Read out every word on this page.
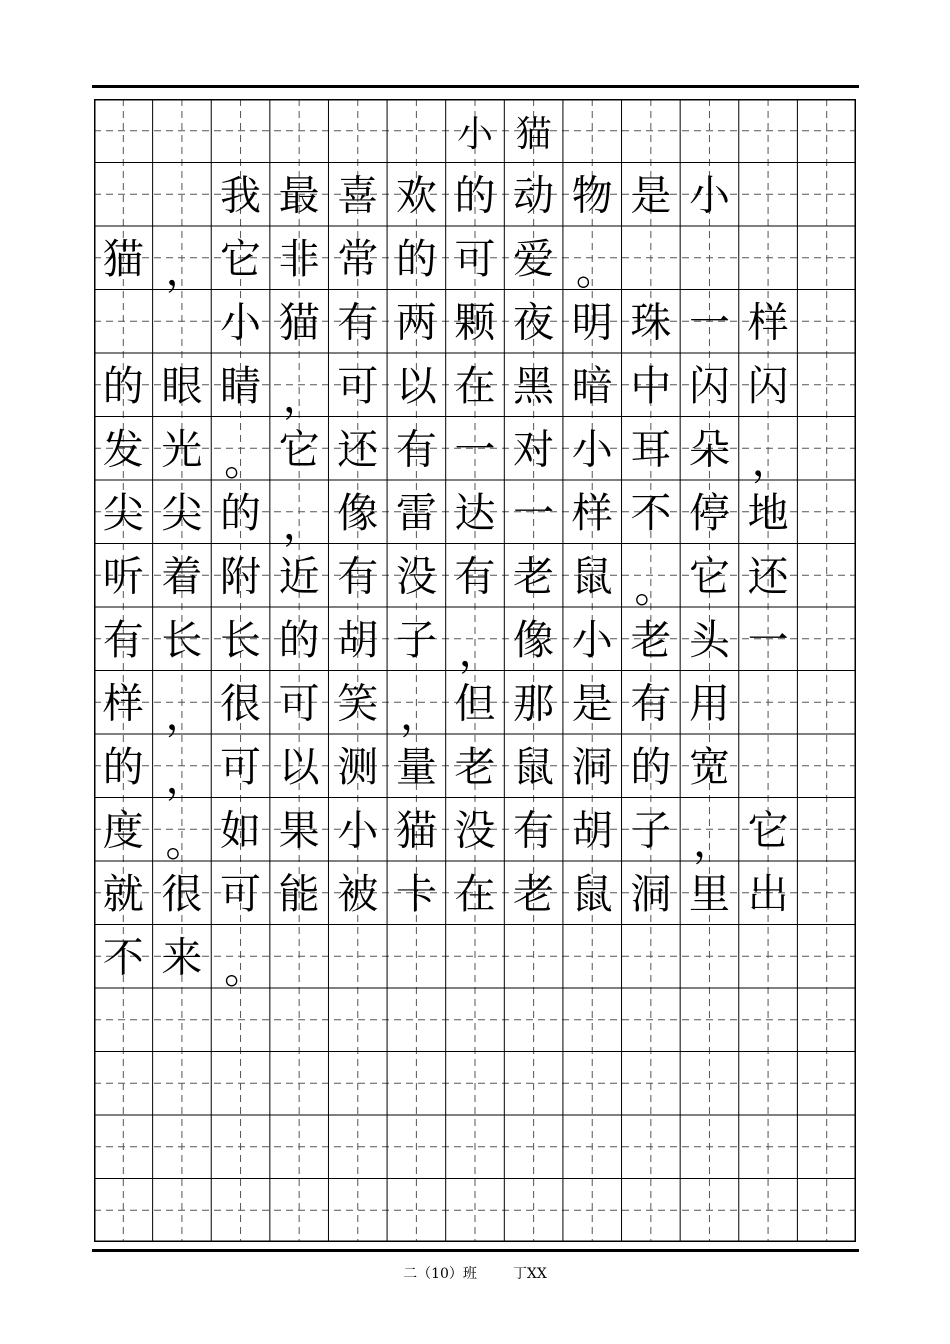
小 猫
我 最 喜 欢 的 动 物 是 小
猫 ， 它 非 常 的 可 爱 。
小 猫 有 两 颗 夜 明 珠 一 样
的 眼 睛 ， 可 以 在 黑 暗 中 闪 闪
发 光 。 它 还 有 一 对 小 耳 朵 ，
尖 尖 的 ， 像 雷 达 一 样 不 停 地
听 着 附 近 有 没 有 老 鼠 。 它 还
有 长 长 的 胡 子 ， 像 小 老 头 一
样 ， 很 可 笑 ， 但 那 是 有 用
的 ， 可 以 测 量 老 鼠 洞 的 宽
度 。 如 果 小 猫 没 有 胡 子 ， 它
就 很 可 能 被 卡 在 老 鼠 洞 里 出
不 来 。
二（10）班	丁XX
